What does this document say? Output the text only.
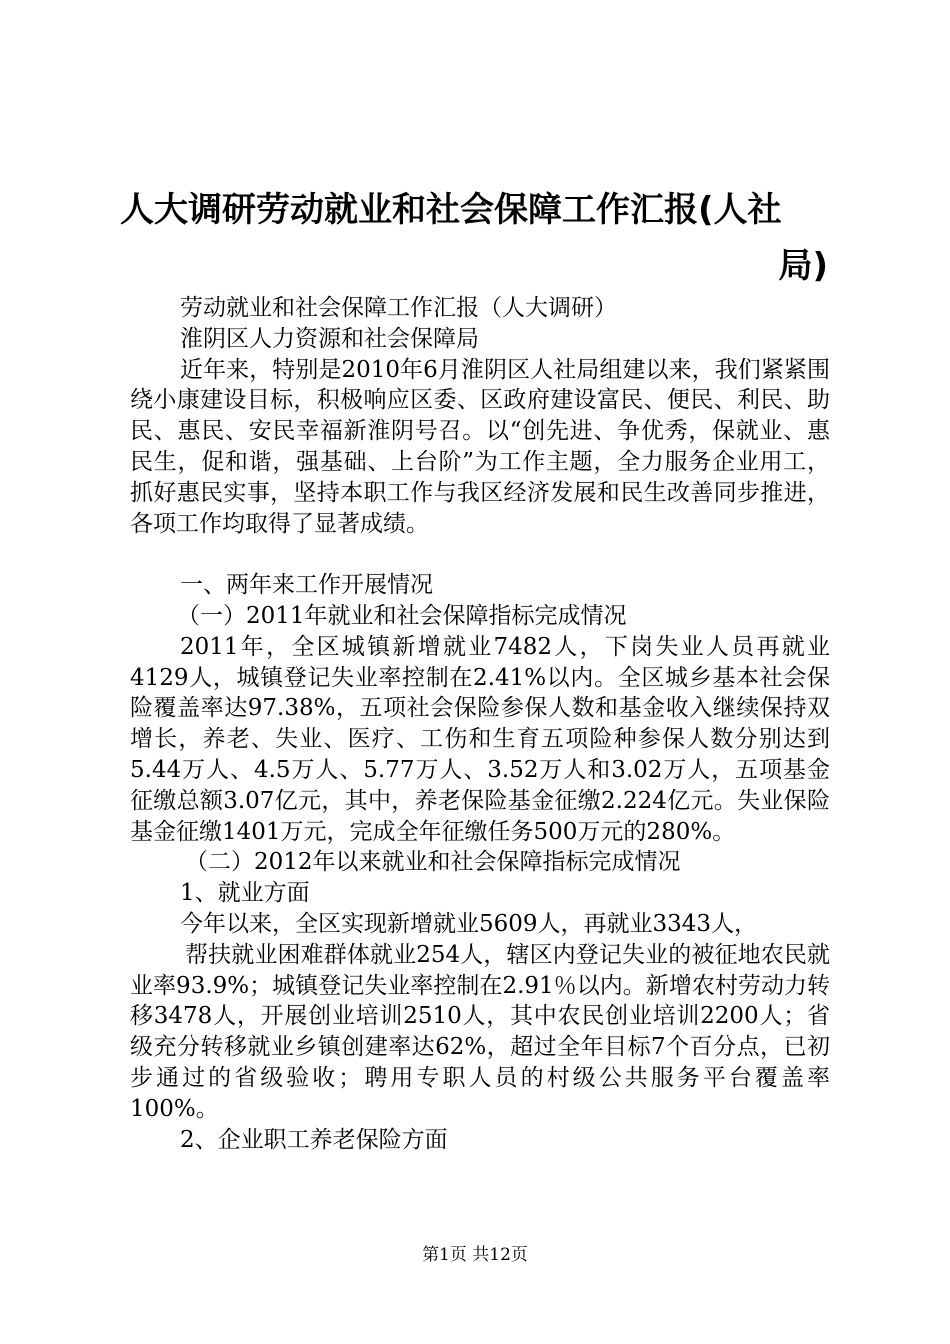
人大调研劳动就业和社会保障工作汇报(人社
局)

劳动就业和社会保障工作汇报（人大调研）

淮阴区人力资源和社会保障局

近年来，特别是2010年6月淮阴区人社局组建以来，我们紧紧围绕小康建设目标，积极响应区委、区政府建设富民、便民、利民、助民、惠民、安民幸福新淮阴号召。以“创先进、争优秀，保就业、惠民生，促和谐，强基础、上台阶”为工作主题，全力服务企业用工，抓好惠民实事，坚持本职工作与我区经济发展和民生改善同步推进，各项工作均取得了显著成绩。

一、两年来工作开展情况

（一）2011年就业和社会保障指标完成情况

2011年，全区城镇新增就业7482人，下岗失业人员再就业4129人，城镇登记失业率控制在2.41%以内。全区城乡基本社会保险覆盖率达97.38%，五项社会保险参保人数和基金收入继续保持双增长，养老、失业、医疗、工伤和生育五项险种参保人数分别达到5.44万人、4.5万人、5.77万人、3.52万人和3.02万人，五项基金征缴总额3.07亿元，其中，养老保险基金征缴2.224亿元。失业保险基金征缴1401万元，完成全年征缴任务500万元的280%。

（二）2012年以来就业和社会保障指标完成情况

1、就业方面

今年以来，全区实现新增就业5609人，再就业3343人，

帮扶就业困难群体就业254人，辖区内登记失业的被征地农民就业率93.9%；城镇登记失业率控制在2.91％以内。新增农村劳动力转移3478人，开展创业培训2510人，其中农民创业培训2200人；省级充分转移就业乡镇创建率达62%，超过全年目标7个百分点，已初步通过的省级验收；聘用专职人员的村级公共服务平台覆盖率100%。

2、企业职工养老保险方面

第1页 共12页
